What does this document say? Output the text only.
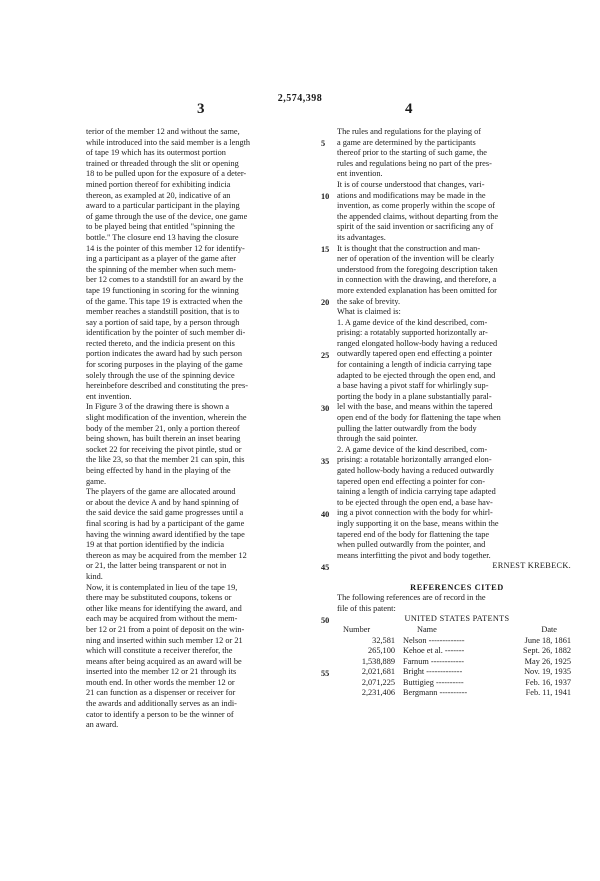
2,574,398
3	4
terior of the member 12 and without the same,
while introduced into the said member is a length
of tape 19 which has its outermost portion
trained or threaded through the slit or opening
18 to be pulled upon for the exposure of a deter-
mined portion thereof for exhibiting indicia
thereon, as exampled at 20, indicative of an
award to a particular participant in the playing
of game through the use of the device, one game
to be played being that entitled "spinning the
bottle." The closure end 13 having the closure
14 is the pointer of this member 12 for identify-
ing a participant as a player of the game after
the spinning of the member when such mem-
ber 12 comes to a standstill for an award by the
tape 19 functioning in scoring for the winning
of the game. This tape 19 is extracted when the
member reaches a standstill position, that is to
say a portion of said tape, by a person through
identification by the pointer of such member di-
rected thereto, and the indicia present on this
portion indicates the award had by such person
for scoring purposes in the playing of the game
solely through the use of the spinning device
hereinbefore described and constituting the pres-
ent invention.
In Figure 3 of the drawing there is shown a
slight modification of the invention, wherein the
body of the member 21, only a portion thereof
being shown, has built therein an inset bearing
socket 22 for receiving the pivot pintle, stud or
the like 23, so that the member 21 can spin, this
being effected by hand in the playing of the
game.
The players of the game are allocated around
or about the device A and by hand spinning of
the said device the said game progresses until a
final scoring is had by a participant of the game
having the winning award identified by the tape
19 at that portion identified by the indicia
thereon as may be acquired from the member 12
or 21, the latter being transparent or not in
kind.
Now, it is contemplated in lieu of the tape 19,
there may be substituted coupons, tokens or
other like means for identifying the award, and
each may be acquired from without the mem-
ber 12 or 21 from a point of deposit on the win-
ning and inserted within such member 12 or 21
which will constitute a receiver therefor, the
means after being acquired as an award will be
inserted into the member 12 or 21 through its
mouth end. In other words the member 12 or
21 can function as a dispenser or receiver for
the awards and additionally serves as an indi-
cator to identify a person to be the winner of
an award.
5
10
15
20
25
30
35
40
45
50
55
The rules and regulations for the playing of
a game are determined by the participants
thereof prior to the starting of such game, the
rules and regulations being no part of the pres-
ent invention.
It is of course understood that changes, vari-
ations and modifications may be made in the
invention, as come properly within the scope of
the appended claims, without departing from the
spirit of the said invention or sacrificing any of
its advantages.
It is thought that the construction and man-
ner of operation of the invention will be clearly
understood from the foregoing description taken
in connection with the drawing, and therefore, a
more extended explanation has been omitted for
the sake of brevity.
What is claimed is:
1. A game device of the kind described, com-
prising: a rotatably supported horizontally ar-
ranged elongated hollow-body having a reduced
outwardly tapered open end effecting a pointer
for containing a length of indicia carrying tape
adapted to be ejected through the open end, and
a base having a pivot staff for whirlingly sup-
porting the body in a plane substantially paral-
lel with the base, and means within the tapered
open end of the body for flattening the tape when
pulling the latter outwardly from the body
through the said pointer.
2. A game device of the kind described, com-
prising: a rotatable horizontally arranged elon-
gated hollow-body having a reduced outwardly
tapered open end effecting a pointer for con-
taining a length of indicia carrying tape adapted
to be ejected through the open end, a base hav-
ing a pivot connection with the body for whirl-
ingly supporting it on the base, means within the
tapered end of the body for flattening the tape
when pulled outwardly from the pointer, and
means interfitting the pivot and body together.
ERNEST KREBECK.
REFERENCES CITED
The following references are of record in the
file of this patent:
UNITED STATES PATENTS
Number	Name	Date
32,581	Nelson -------------	June 18, 1861
265,100	Kehoe et al. -------	Sept. 26, 1882
1,538,889	Farnum ------------	May 26, 1925
2,021,681	Bright -------------	Nov. 19, 1935
2,071,225	Buttigieg ----------	Feb. 16, 1937
2,231,406	Bergmann ----------	Feb. 11, 1941
